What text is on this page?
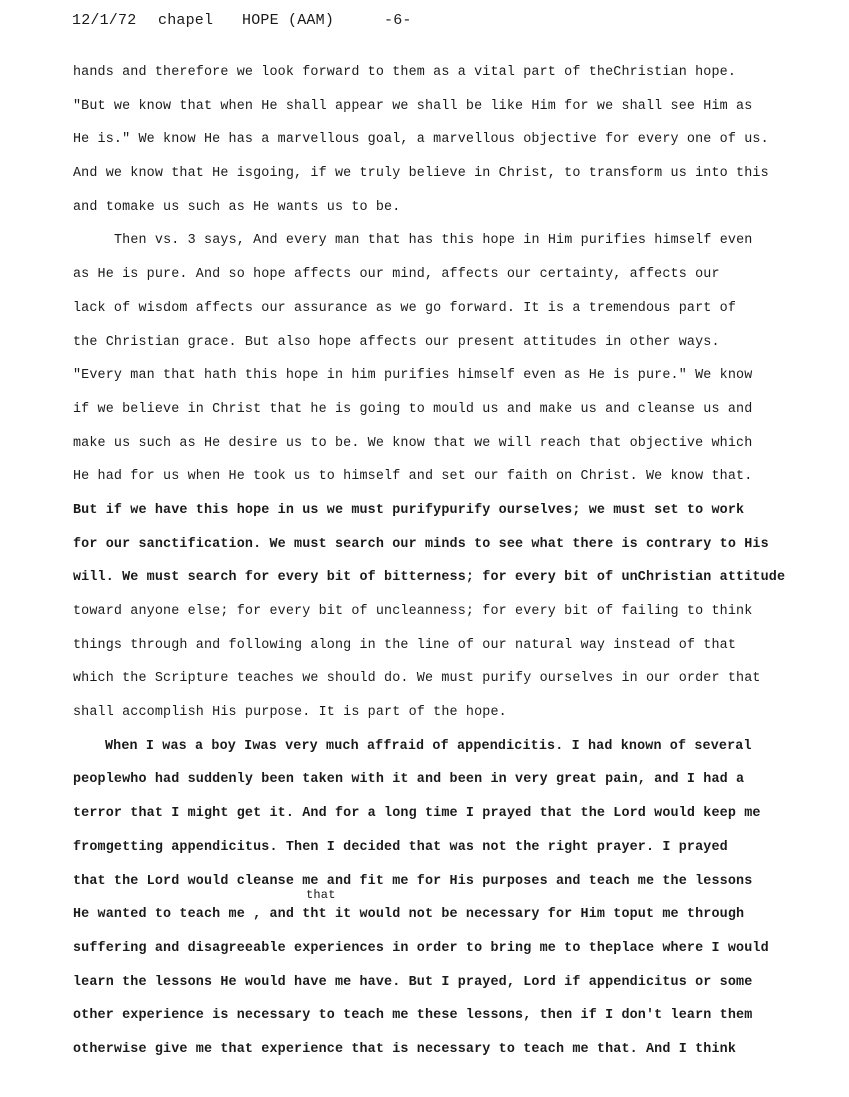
12/1/72 chapel HOPE (AAM)	-6-
that
hands and therefore we look forward to them as a vital part of theChristian hope.
"But we know that when He shall appear we shall be like Him for we shall see Him as
He is." We know He has a marvellous goal, a marvellous objective for every one of us.
And we know that He isgoing, if we truly believe in Christ, to transform us into this
and tomake us such as He wants us to be.
Then vs. 3 says, And every man that has this hope in Him purifies himself even
as He is pure. And so hope affects our mind, affects our certainty, affects our
lack of wisdom affects our assurance as we go forward. It is a tremendous part of
the Christian grace. But also hope affects our present attitudes in other ways.
"Every man that hath this hope in him purifies himself even as He is pure." We know
if we believe in Christ that he is going to mould us and make us and cleanse us and
make us such as He desire us to be. We know that we will reach that objective which
He had for us when He took us to himself and set our faith on Christ. We know that.
But if we have this hope in us we must purifypurify ourselves; we must set to work
for our sanctification. We must search our minds to see what there is contrary to His
will. We must search for every bit of bitterness; for every bit of unChristian attitude
toward anyone else; for every bit of uncleanness; for every bit of failing to think
things through and following along in the line of our natural way instead of that
which the Scripture teaches we should do. We must purify ourselves in our order that
shall accomplish His purpose. It is part of the hope.
When I was a boy Iwas very much affraid of appendicitis. I had known of several
peoplewho had suddenly been taken with it and been in very great pain, and I had a
terror that I might get it. And for a long time I prayed that the Lord would keep me
fromgetting appendicitus. Then I decided that was not the right prayer. I prayed
that the Lord would cleanse me and fit me for His purposes and teach me the lessons
He wanted to teach me , and tht it would not be necessary for Him toput me through
suffering and disagreeable experiences in order to bring me to theplace where I would
learn the lessons He would have me have. But I prayed, Lord if appendicitus or some
other experience is necessary to teach me these lessons, then if I don't learn them
otherwise give me that experience that is necessary to teach me that. And I think
